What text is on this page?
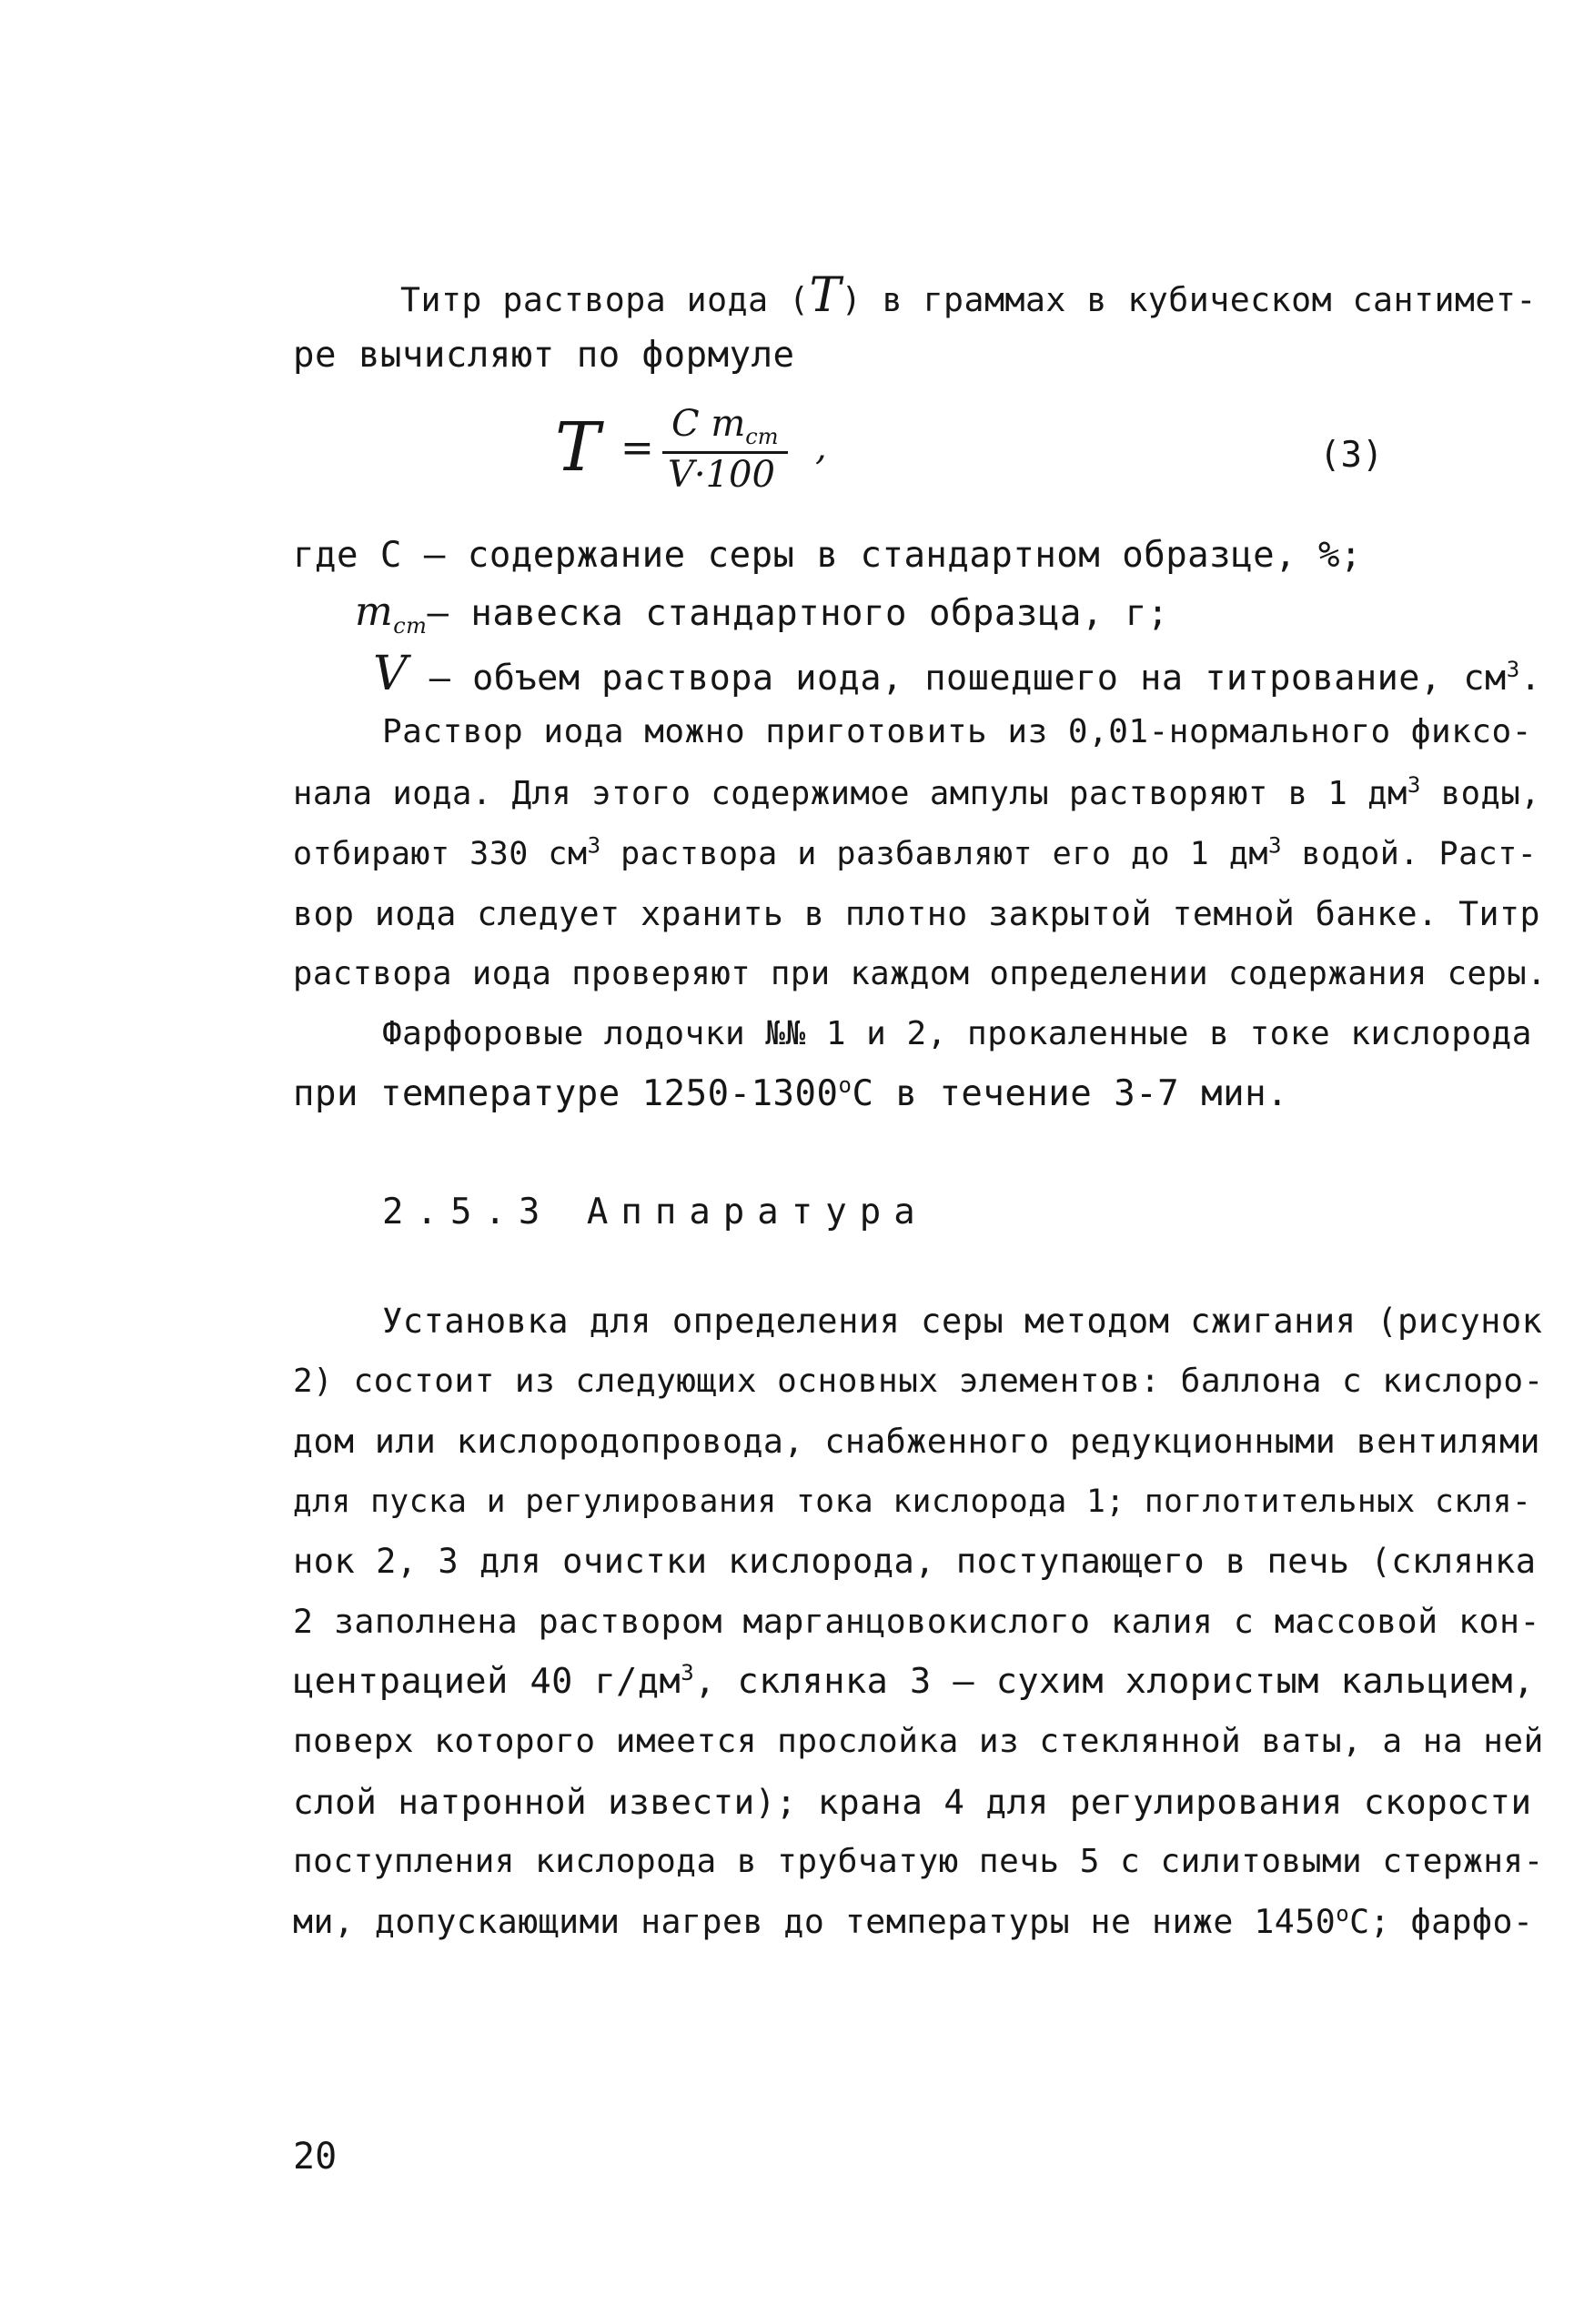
Титр раствора иода (T) в граммах в кубическом сантимет-
ре вычисляют по формуле
T =
C $m_{ст}$
V·100
,	(3)
где С – содержание серы в стандартном образце, %;
$m_{ст}-$ навеска стандартного образца, г;
V – объем раствора иода, пошедшего на титрование, $см^3$.
Раствор иода можно приготовить из 0,01-нормального фиксо-
нала иода. Для этого содержимое ампулы растворяют в 1 $дм^3$ воды,
отбирают 330 $см^3$ раствора и разбавляют его до 1 $дм^3$ водой. Раст-
вор иода следует хранить в плотно закрытой темной банке. Титр
раствора иода проверяют при каждом определении содержания серы.
Фарфоровые лодочки №№ 1 и 2, прокаленные в токе кислорода
при температуре $1250-1300^оС$ в течение 3-7 мин.
2.5.3 Аппаратура
Установка для определения серы методом сжигания (рисунок
2) состоит из следующих основных элементов: баллона с кислоро-
дом или кислородопровода, снабженного редукционными вентилями
для пуска и регулирования тока кислорода 1; поглотительных скля-
нок 2, 3 для очистки кислорода, поступающего в печь (склянка
2 заполнена раствором марганцовокислого калия с массовой кон-
центрацией 40 $г/дм^3$, склянка 3 – сухим хлористым кальцием,
поверх которого имеется прослойка из стеклянной ваты, а на ней
слой натронной извести); крана 4 для регулирования скорости
поступления кислорода в трубчатую печь 5 с силитовыми стержня-
ми, допускающими нагрев до температуры не ниже $1450^оС$; фарфо-
20
